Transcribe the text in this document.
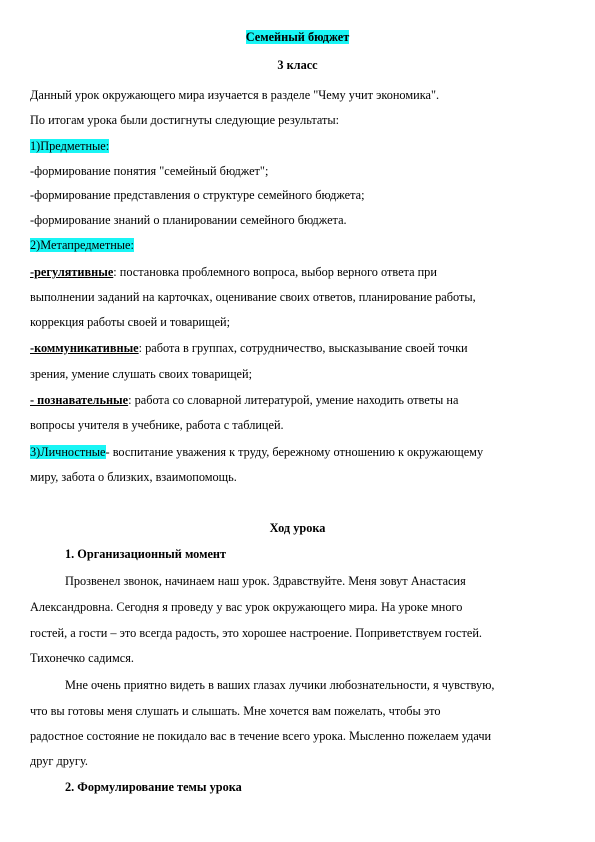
Семейный бюджет
3 класс
Данный урок окружающего мира изучается в разделе "Чему учит экономика".
По итогам урока были достигнуты следующие результаты:
1)Предметные:
-формирование понятия "семейный бюджет";
-формирование представления о структуре семейного бюджета;
-формирование знаний о планировании семейного бюджета.
2)Метапредметные:
-регулятивные: постановка проблемного вопроса, выбор верного ответа при
выполнении заданий на карточках, оценивание своих ответов, планирование работы,
коррекция работы своей и товарищей;
-коммуникативные: работа в группах, сотрудничество, высказывание своей точки
зрения, умение слушать своих товарищей;
- познавательные: работа со словарной литературой, умение находить ответы на
вопросы учителя в учебнике, работа с таблицей.
3)Личностные- воспитание уважения к труду, бережному отношению к окружающему
миру, забота о близких, взаимопомощь.
Ход урока
1. Организационный момент
Прозвенел звонок, начинаем наш урок. Здравствуйте. Меня зовут Анастасия
Александровна. Сегодня я проведу у вас урок окружающего мира. На уроке много
гостей, а гости – это всегда радость, это хорошее настроение. Поприветствуем гостей.
Тихонечко садимся.
Мне очень приятно видеть в ваших глазах лучики любознательности, я чувствую,
что вы готовы меня слушать и слышать. Мне хочется вам пожелать, чтобы это
радостное состояние не покидало вас в течение всего урока. Мысленно пожелаем удачи
друг другу.
2. Формулирование темы урока
